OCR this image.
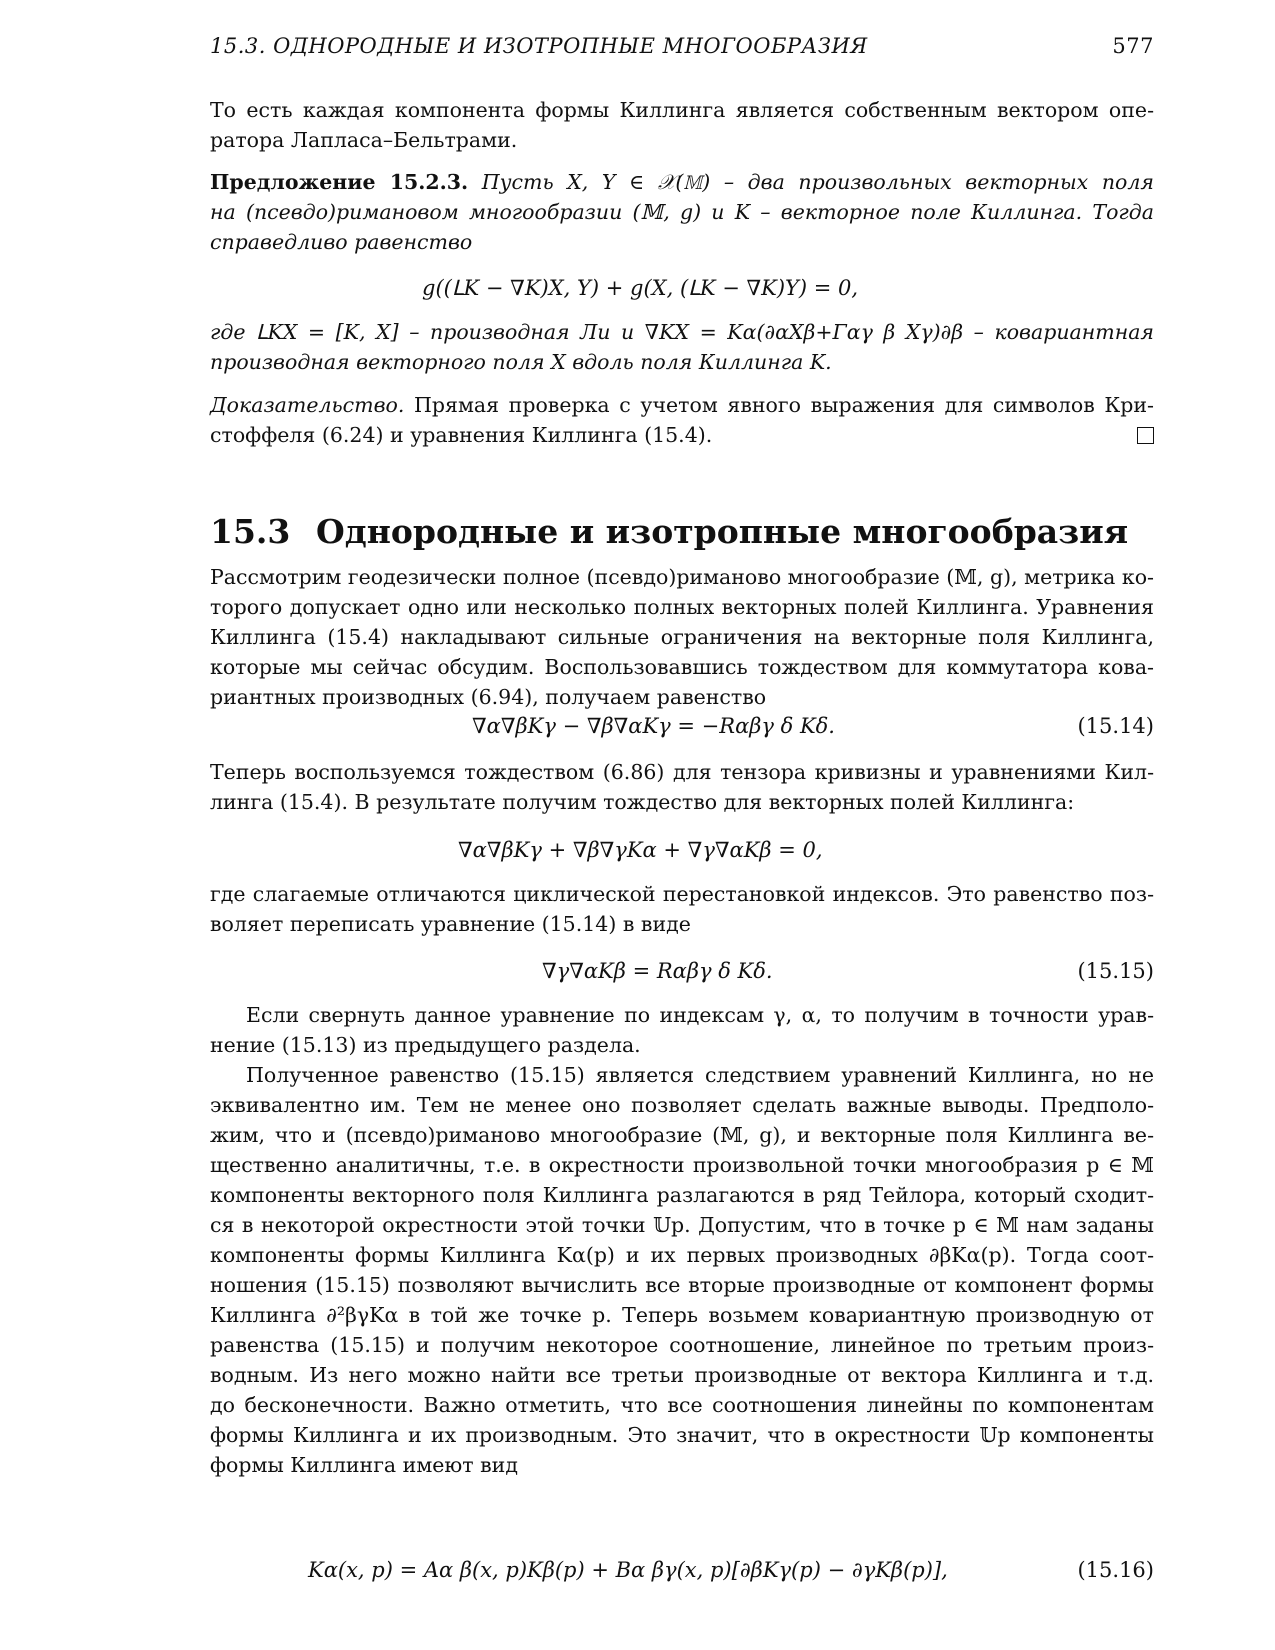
15.3. ОДНОРОДНЫЕ И ИЗОТРОПНЫЕ МНОГООБРАЗИЯ	577
То есть каждая компонента формы Киллинга является собственным вектором опе-
ратора Лапласа–Бельтрами.
Предложение 15.2.3. Пусть X, Y ∈ 𝒳(𝕄) – два произвольных векторных поля
на (псевдо)римановом многообразии (𝕄, g) и K – векторное поле Киллинга. Тогда
справедливо равенство
g((𝖫K − ∇K)X, Y) + g(X, (𝖫K − ∇K)Y) = 0,
где 𝖫KX = [K, X] – производная Ли и ∇KX = Kα(∂αXβ+Γαγ β Xγ)∂β – ковариантная
производная векторного поля X вдоль поля Киллинга K.
Доказательство. Прямая проверка с учетом явного выражения для символов Кри-
стоффеля (6.24) и уравнения Киллинга (15.4).
15.3 Однородные и изотропные многообразия
Рассмотрим геодезически полное (псевдо)риманово многообразие (𝕄, g), метрика ко-
торого допускает одно или несколько полных векторных полей Киллинга. Уравнения
Киллинга (15.4) накладывают сильные ограничения на векторные поля Киллинга,
которые мы сейчас обсудим. Воспользовавшись тождеством для коммутатора кова-
риантных производных (6.94), получаем равенство
∇α∇βKγ − ∇β∇αKγ = −Rαβγ δ Kδ.	(15.14)
Теперь воспользуемся тождеством (6.86) для тензора кривизны и уравнениями Кил-
линга (15.4). В результате получим тождество для векторных полей Киллинга:
∇α∇βKγ + ∇β∇γKα + ∇γ∇αKβ = 0,
где слагаемые отличаются циклической перестановкой индексов. Это равенство поз-
воляет переписать уравнение (15.14) в виде
∇γ∇αKβ = Rαβγ δ Kδ.	(15.15)
Если свернуть данное уравнение по индексам γ, α, то получим в точности урав-
нение (15.13) из предыдущего раздела.
Полученное равенство (15.15) является следствием уравнений Киллинга, но не
эквивалентно им. Тем не менее оно позволяет сделать важные выводы. Предполо-
жим, что и (псевдо)риманово многообразие (𝕄, g), и векторные поля Киллинга ве-
щественно аналитичны, т.е. в окрестности произвольной точки многообразия p ∈ 𝕄
компоненты векторного поля Киллинга разлагаются в ряд Тейлора, который сходит-
ся в некоторой окрестности этой точки 𝕌p. Допустим, что в точке p ∈ 𝕄 нам заданы
компоненты формы Киллинга Kα(p) и их первых производных ∂βKα(p). Тогда соот-
ношения (15.15) позволяют вычислить все вторые производные от компонент формы
Киллинга ∂²βγKα в той же точке p. Теперь возьмем ковариантную производную от
равенства (15.15) и получим некоторое соотношение, линейное по третьим произ-
водным. Из него можно найти все третьи производные от вектора Киллинга и т.д.
до бесконечности. Важно отметить, что все соотношения линейны по компонентам
формы Киллинга и их производным. Это значит, что в окрестности 𝕌p компоненты
формы Киллинга имеют вид
Kα(x, p) = Aα β(x, p)Kβ(p) + Bα βγ(x, p)[∂βKγ(p) − ∂γKβ(p)],	(15.16)
